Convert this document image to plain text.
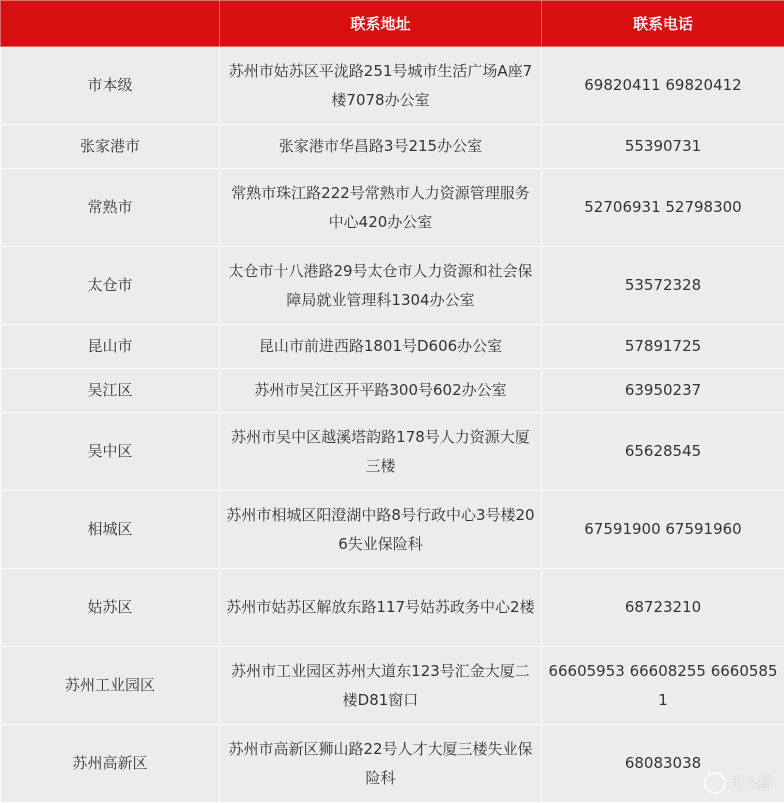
	联系地址	联系电话
市本级	苏州市姑苏区平泷路251号城市生活广场A座7楼7078办公室	69820411 69820412
张家港市	张家港市华昌路3号215办公室	55390731
常熟市	常熟市珠江路222号常熟市人力资源管理服务中心420办公室	52706931 52798300
太仓市	太仓市十八港路29号太仓市人力资源和社会保障局就业管理科1304办公室	53572328
昆山市	昆山市前进西路1801号D606办公室	57891725
吴江区	苏州市吴江区开平路300号602办公室	63950237
吴中区	苏州市吴中区越溪塔韵路178号人力资源大厦三楼	65628545
相城区	苏州市相城区阳澄湖中路8号行政中心3号楼206失业保险科	67591900 67591960
姑苏区	苏州市姑苏区解放东路117号姑苏政务中心2楼	68723210
苏州工业园区	苏州市工业园区苏州大道东123号汇金大厦二楼D81窗口	66605953 66608255 66605851
苏州高新区	苏州市高新区狮山路22号人才大厦三楼失业保险科	68083038
引力播
